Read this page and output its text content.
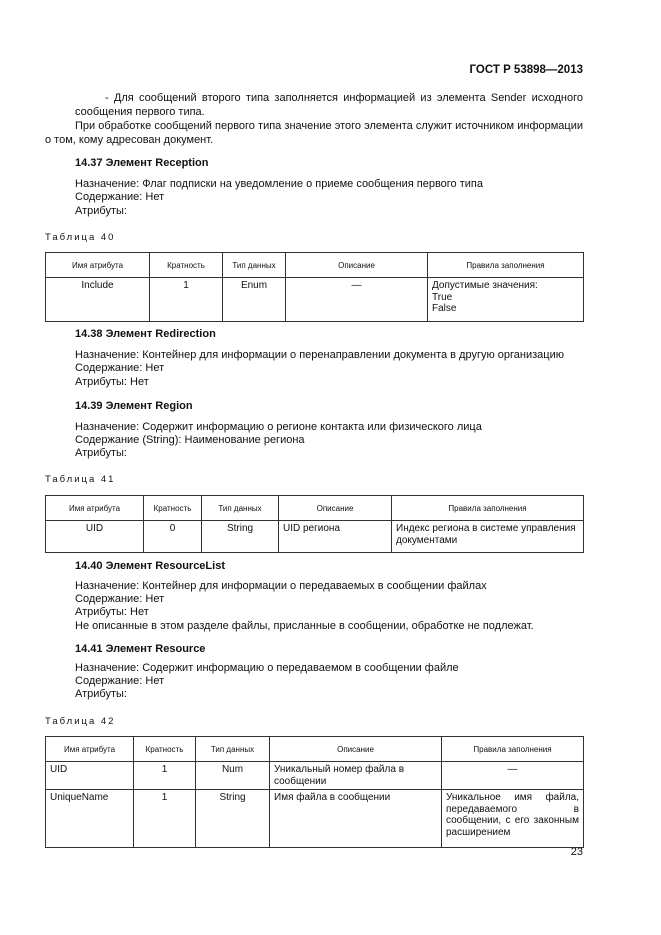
ГОСТ Р 53898—2013

- Для сообщений второго типа заполняется информацией из элемента Sender исходного сообщения первого типа.

При обработке сообщений первого типа значение этого элемента служит источником информации о том, кому адресован документ.

14.37 Элемент Reception

Назначение: Флаг подписки на уведомление о приеме сообщения первого типа

Содержание: Нет

Атрибуты:

Таблица 40
Имя атрибута	Кратность	Тип данных	Описание	Правила заполнения
Include	1	Enum	—	Допустимые значения:
True
False

14.38 Элемент Redirection

Назначение: Контейнер для информации о перенаправлении документа в другую организацию

Содержание: Нет

Атрибуты: Нет

14.39 Элемент Region

Назначение: Содержит информацию о регионе контакта или физического лица

Содержание (String): Наименование региона

Атрибуты:

Таблица 41
Имя атрибута	Кратность	Тип данных	Описание	Правила заполнения
UID	0	String	UID региона	Индекс региона в системе управления документами

14.40 Элемент ResourceList

Назначение: Контейнер для информации о передаваемых в сообщении файлах

Содержание: Нет

Атрибуты: Нет

Не описанные в этом разделе файлы, присланные в сообщении, обработке не подлежат.

14.41 Элемент Resource

Назначение: Содержит информацию о передаваемом в сообщении файле

Содержание: Нет

Атрибуты:

Таблица 42
Имя атрибута	Кратность	Тип данных	Описание	Правила заполнения
UID	1	Num	Уникальный номер файла в сообщении	—
UniqueName	1	String	Имя файла в сообщении	Уникальное имя файла, передаваемого в сообщении, с его законным расширением
23
